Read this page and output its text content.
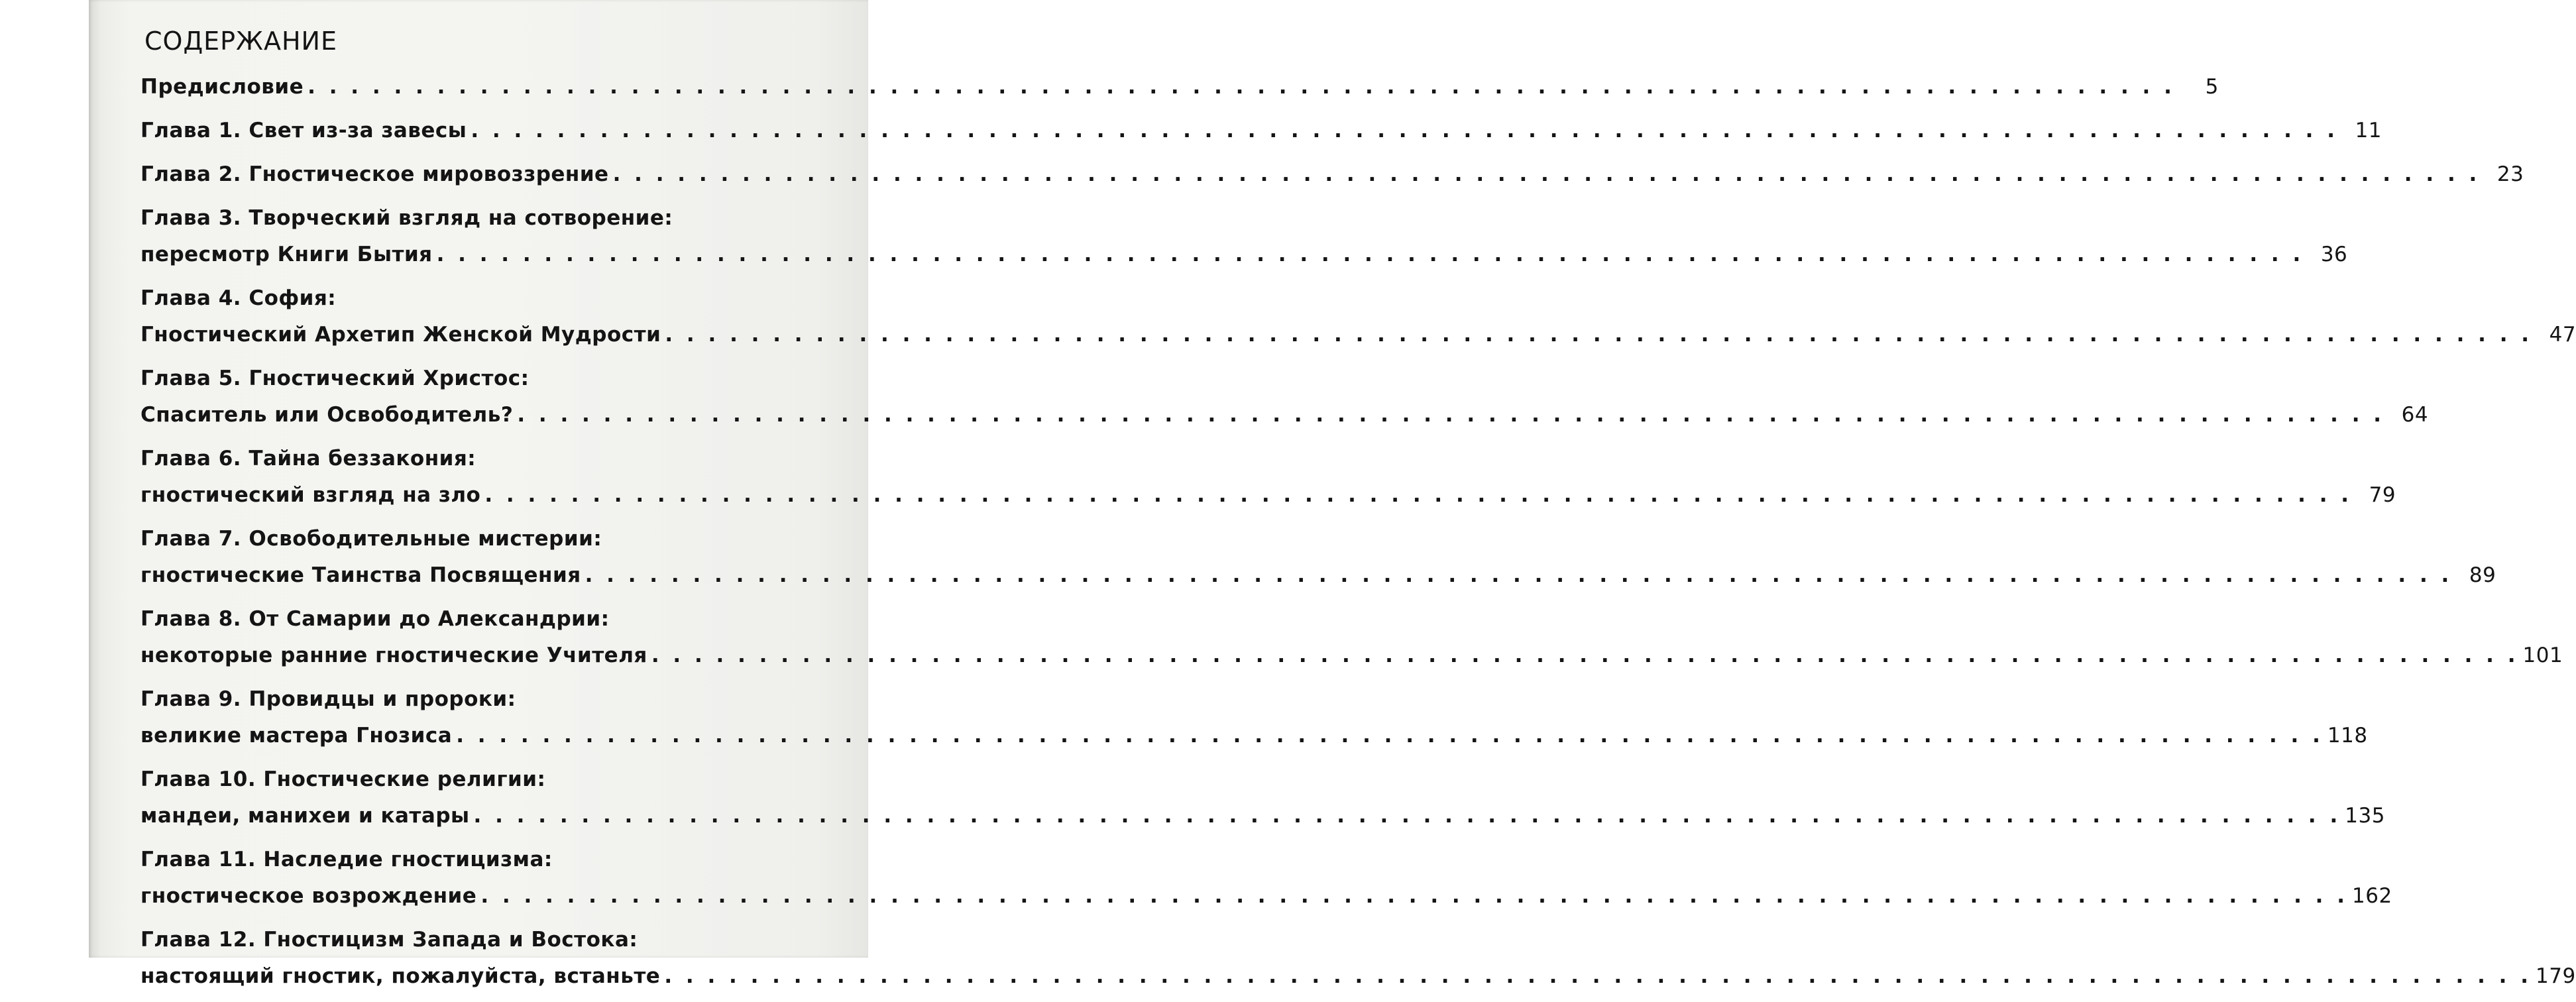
СОДЕРЖАНИЕ
Предисловие . . . . . . . . . . . . . . . . . . . . . . . . . . . . . . . . . . . . . . . . . . . . . . . . . . . . . . . . . . . . . . . . . . . . . . . . . . . . . . . . . . . . . . .	5
Глава 1. Свет из-за завесы . . . . . . . . . . . . . . . . . . . . . . . . . . . . . . . . . . . . . . . . . . . . . . . . . . . . . . . . . . . . . . . . . . . . . . . . . . . . . . . . . . . . . . . 11
Глава 2. Гностическое мировоззрение . . . . . . . . . . . . . . . . . . . . . . . . . . . . . . . . . . . . . . . . . . . . . . . . . . . . . . . . . . . . . . . . . . . . . . . . . . . . . . . . . . . . . . . 23
Глава 3. Творческий взгляд на сотворение:
пересмотр Книги Бытия . . . . . . . . . . . . . . . . . . . . . . . . . . . . . . . . . . . . . . . . . . . . . . . . . . . . . . . . . . . . . . . . . . . . . . . . . . . . . . . . . . . . . . . 36
Глава 4. София:
Гностический Архетип Женской Мудрости . . . . . . . . . . . . . . . . . . . . . . . . . . . . . . . . . . . . . . . . . . . . . . . . . . . . . . . . . . . . . . . . . . . . . . . . . . . . . . . . . . . . . . . 47
Глава 5. Гностический Христос:
Спаситель или Освободитель? . . . . . . . . . . . . . . . . . . . . . . . . . . . . . . . . . . . . . . . . . . . . . . . . . . . . . . . . . . . . . . . . . . . . . . . . . . . . . . . . . . . . . . . 64
Глава 6. Тайна беззакония:
гностический взгляд на зло . . . . . . . . . . . . . . . . . . . . . . . . . . . . . . . . . . . . . . . . . . . . . . . . . . . . . . . . . . . . . . . . . . . . . . . . . . . . . . . . . . . . . . . 79
Глава 7. Освободительные мистерии:
гностические Таинства Посвящения . . . . . . . . . . . . . . . . . . . . . . . . . . . . . . . . . . . . . . . . . . . . . . . . . . . . . . . . . . . . . . . . . . . . . . . . . . . . . . . . . . . . . . . 89
Глава 8. От Самарии до Александрии:
некоторые ранние гностические Учителя . . . . . . . . . . . . . . . . . . . . . . . . . . . . . . . . . . . . . . . . . . . . . . . . . . . . . . . . . . . . . . . . . . . . . . . . . . . . . . . . . . . . . . . 101
Глава 9. Провидцы и пророки:
великие мастера Гнозиса . . . . . . . . . . . . . . . . . . . . . . . . . . . . . . . . . . . . . . . . . . . . . . . . . . . . . . . . . . . . . . . . . . . . . . . . . . . . . . . . . . . . . . . 118
Глава 10. Гностические религии:
мандеи, манихеи и катары . . . . . . . . . . . . . . . . . . . . . . . . . . . . . . . . . . . . . . . . . . . . . . . . . . . . . . . . . . . . . . . . . . . . . . . . . . . . . . . . . . . . . . . 135
Глава 11. Наследие гностицизма:
гностическое возрождение . . . . . . . . . . . . . . . . . . . . . . . . . . . . . . . . . . . . . . . . . . . . . . . . . . . . . . . . . . . . . . . . . . . . . . . . . . . . . . . . . . . . . . . 162
Глава 12. Гностицизм Запада и Востока:
настоящий гностик, пожалуйста, встаньте . . . . . . . . . . . . . . . . . . . . . . . . . . . . . . . . . . . . . . . . . . . . . . . . . . . . . . . . . . . . . . . . . . . . . . . . . . . . . . . . . . . . . . . 179
